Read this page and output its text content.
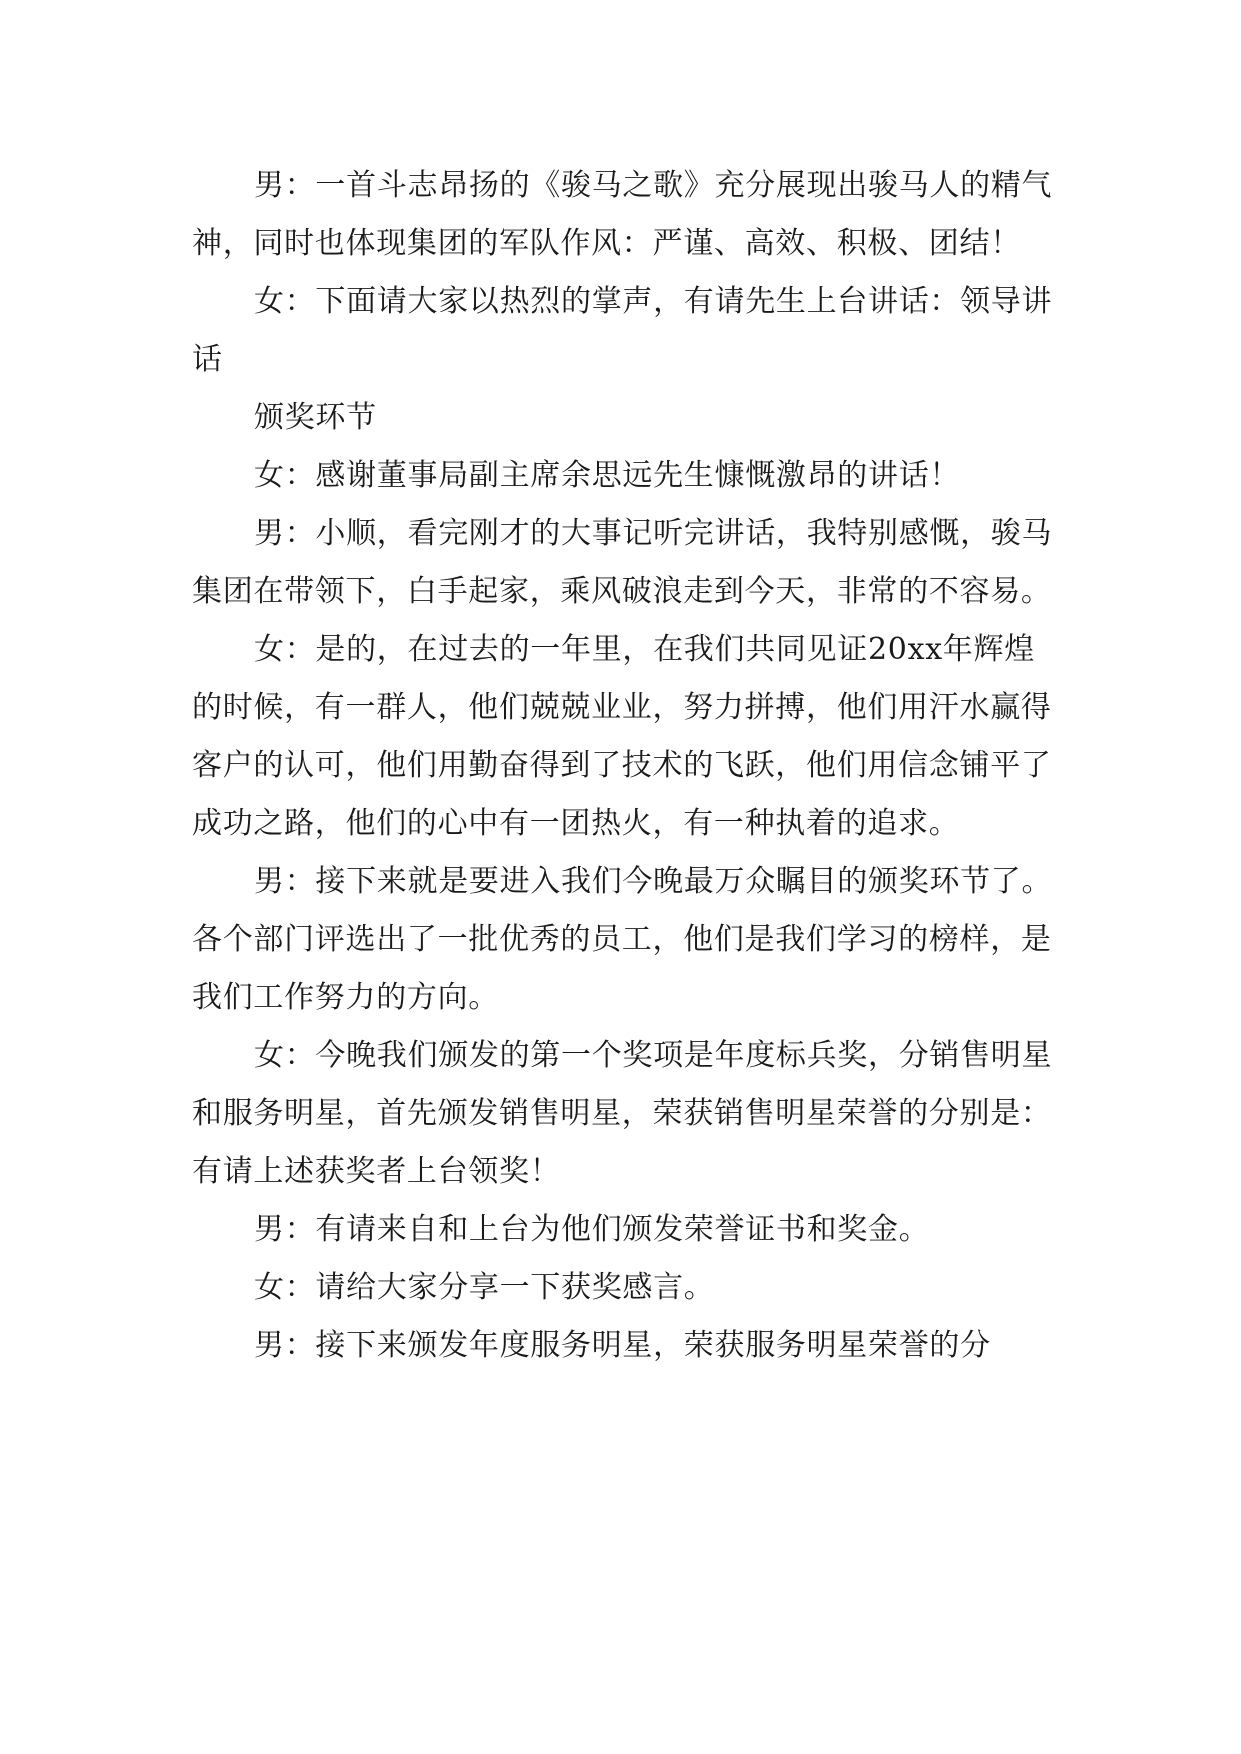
男：一首斗志昂扬的《骏马之歌》充分展现出骏马人的精气神，同时也体现集团的军队作风：严谨、高效、积极、团结！

女：下面请大家以热烈的掌声，有请先生上台讲话：领导讲话

颁奖环节

女：感谢董事局副主席余思远先生慷慨激昂的讲话！

男：小顺，看完刚才的大事记听完讲话，我特别感慨，骏马集团在带领下，白手起家，乘风破浪走到今天，非常的不容易。

女：是的，在过去的一年里，在我们共同见证20xx年辉煌的时候，有一群人，他们兢兢业业，努力拼搏，他们用汗水赢得客户的认可，他们用勤奋得到了技术的飞跃，他们用信念铺平了成功之路，他们的心中有一团热火，有一种执着的追求。

男：接下来就是要进入我们今晚最万众瞩目的颁奖环节了。各个部门评选出了一批优秀的员工，他们是我们学习的榜样，是我们工作努力的方向。

女：今晚我们颁发的第一个奖项是年度标兵奖，分销售明星和服务明星，首先颁发销售明星，荣获销售明星荣誉的分别是：有请上述获奖者上台领奖！

男：有请来自和上台为他们颁发荣誉证书和奖金。

女：请给大家分享一下获奖感言。

男：接下来颁发年度服务明星，荣获服务明星荣誉的分
